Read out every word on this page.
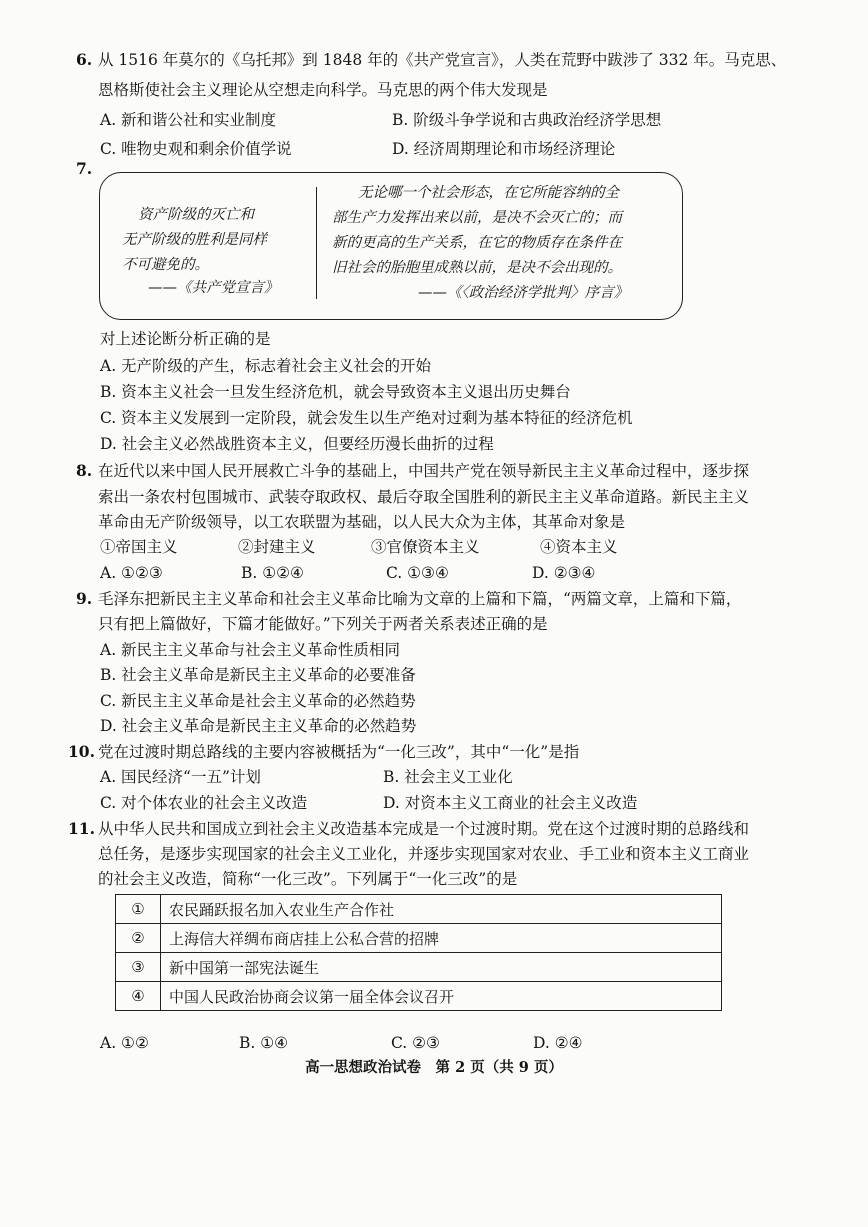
6. 从 1516 年莫尔的《乌托邦》到 1848 年的《共产党宣言》，人类在荒野中跋涉了 332 年。马克思、
恩格斯使社会主义理论从空想走向科学。马克思的两个伟大发现是
A. 新和谐公社和实业制度	B. 阶级斗争学说和古典政治经济学思想
C. 唯物史观和剩余价值学说	D. 经济周期理论和市场经济理论
7.
资产阶级的灭亡和
无产阶级的胜利是同样
不可避免的。
——《共产党宣言》
无论哪一个社会形态，在它所能容纳的全
部生产力发挥出来以前，是决不会灭亡的；而
新的更高的生产关系，在它的物质存在条件在
旧社会的胎胞里成熟以前，是决不会出现的。
——《〈政治经济学批判〉序言》
对上述论断分析正确的是
A. 无产阶级的产生，标志着社会主义社会的开始
B. 资本主义社会一旦发生经济危机，就会导致资本主义退出历史舞台
C. 资本主义发展到一定阶段，就会发生以生产绝对过剩为基本特征的经济危机
D. 社会主义必然战胜资本主义，但要经历漫长曲折的过程
8. 在近代以来中国人民开展救亡斗争的基础上，中国共产党在领导新民主主义革命过程中，逐步探
索出一条农村包围城市、武装夺取政权、最后夺取全国胜利的新民主主义革命道路。新民主主义
革命由无产阶级领导，以工农联盟为基础，以人民大众为主体，其革命对象是
①帝国主义	②封建主义	③官僚资本主义	④资本主义
A. ①②③	B. ①②④	C. ①③④	D. ②③④
9. 毛泽东把新民主主义革命和社会主义革命比喻为文章的上篇和下篇，“两篇文章，上篇和下篇，
只有把上篇做好，下篇才能做好。”下列关于两者关系表述正确的是
A. 新民主主义革命与社会主义革命性质相同
B. 社会主义革命是新民主主义革命的必要准备
C. 新民主主义革命是社会主义革命的必然趋势
D. 社会主义革命是新民主主义革命的必然趋势
10. 党在过渡时期总路线的主要内容被概括为“一化三改”，其中“一化”是指
A. 国民经济“一五”计划	B. 社会主义工业化
C. 对个体农业的社会主义改造	D. 对资本主义工商业的社会主义改造
11. 从中华人民共和国成立到社会主义改造基本完成是一个过渡时期。党在这个过渡时期的总路线和
总任务，是逐步实现国家的社会主义工业化，并逐步实现国家对农业、手工业和资本主义工商业
的社会主义改造，简称“一化三改”。下列属于“一化三改”的是
①	农民踊跃报名加入农业生产合作社
②	上海信大祥绸布商店挂上公私合营的招牌
③	新中国第一部宪法诞生
④	中国人民政治协商会议第一届全体会议召开
A. ①②	B. ①④	C. ②③	D. ②④
高一思想政治试卷　第 2 页（共 9 页）
